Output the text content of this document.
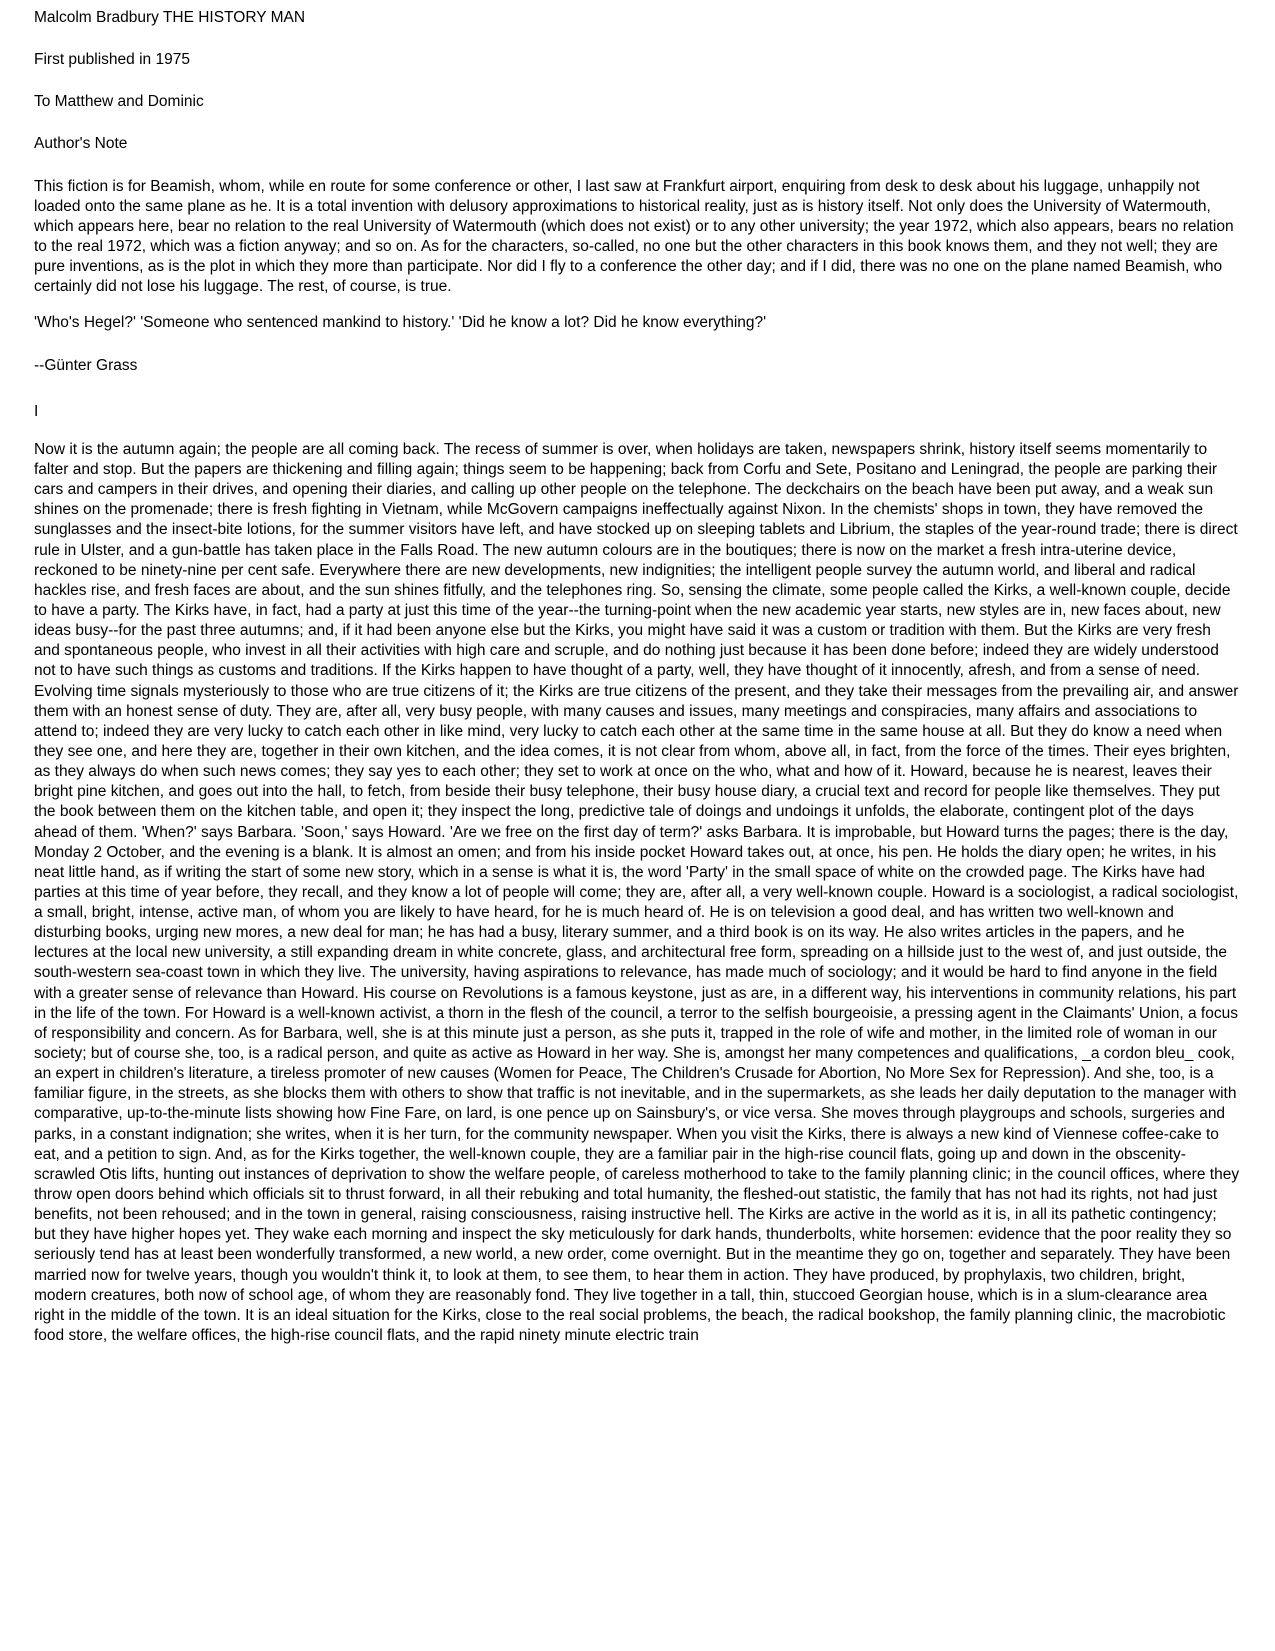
Malcolm Bradbury THE HISTORY MAN

First published in 1975

To Matthew and Dominic

Author's Note

This fiction is for Beamish, whom, while en route for some conference or other, I last saw at Frankfurt airport, enquiring from desk to desk about his luggage, unhappily not loaded onto the same plane as he. It is a total invention with delusory approximations to historical reality, just as is history itself. Not only does the University of Watermouth, which appears here, bear no relation to the real University of Watermouth (which does not exist) or to any other university; the year 1972, which also appears, bears no relation to the real 1972, which was a fiction anyway; and so on. As for the characters, so-called, no one but the other characters in this book knows them, and they not well; they are pure inventions, as is the plot in which they more than participate. Nor did I fly to a conference the other day; and if I did, there was no one on the plane named Beamish, who certainly did not lose his luggage. The rest, of course, is true.

'Who's Hegel?' 'Someone who sentenced mankind to history.' 'Did he know a lot? Did he know everything?'

--Günter Grass

I

Now it is the autumn again; the people are all coming back. The recess of summer is over, when holidays are taken, newspapers shrink, history itself seems momentarily to falter and stop. But the papers are thickening and filling again; things seem to be happening; back from Corfu and Sete, Positano and Leningrad, the people are parking their cars and campers in their drives, and opening their diaries, and calling up other people on the telephone. The deckchairs on the beach have been put away, and a weak sun shines on the promenade; there is fresh fighting in Vietnam, while McGovern campaigns ineffectually against Nixon. In the chemists' shops in town, they have removed the sunglasses and the insect-bite lotions, for the summer visitors have left, and have stocked up on sleeping tablets and Librium, the staples of the year-round trade; there is direct rule in Ulster, and a gun-battle has taken place in the Falls Road. The new autumn colours are in the boutiques; there is now on the market a fresh intra-uterine device, reckoned to be ninety-nine per cent safe. Everywhere there are new developments, new indignities; the intelligent people survey the autumn world, and liberal and radical hackles rise, and fresh faces are about, and the sun shines fitfully, and the telephones ring. So, sensing the climate, some people called the Kirks, a well-known couple, decide to have a party. The Kirks have, in fact, had a party at just this time of the year--the turning-point when the new academic year starts, new styles are in, new faces about, new ideas busy--for the past three autumns; and, if it had been anyone else but the Kirks, you might have said it was a custom or tradition with them. But the Kirks are very fresh and spontaneous people, who invest in all their activities with high care and scruple, and do nothing just because it has been done before; indeed they are widely understood not to have such things as customs and traditions. If the Kirks happen to have thought of a party, well, they have thought of it innocently, afresh, and from a sense of need. Evolving time signals mysteriously to those who are true citizens of it; the Kirks are true citizens of the present, and they take their messages from the prevailing air, and answer them with an honest sense of duty. They are, after all, very busy people, with many causes and issues, many meetings and conspiracies, many affairs and associations to attend to; indeed they are very lucky to catch each other in like mind, very lucky to catch each other at the same time in the same house at all. But they do know a need when they see one, and here they are, together in their own kitchen, and the idea comes, it is not clear from whom, above all, in fact, from the force of the times. Their eyes brighten, as they always do when such news comes; they say yes to each other; they set to work at once on the who, what and how of it. Howard, because he is nearest, leaves their bright pine kitchen, and goes out into the hall, to fetch, from beside their busy telephone, their busy house diary, a crucial text and record for people like themselves. They put the book between them on the kitchen table, and open it; they inspect the long, predictive tale of doings and undoings it unfolds, the elaborate, contingent plot of the days ahead of them. 'When?' says Barbara. 'Soon,' says Howard. 'Are we free on the first day of term?' asks Barbara. It is improbable, but Howard turns the pages; there is the day, Monday 2 October, and the evening is a blank. It is almost an omen; and from his inside pocket Howard takes out, at once, his pen. He holds the diary open; he writes, in his neat little hand, as if writing the start of some new story, which in a sense is what it is, the word 'Party' in the small space of white on the crowded page. The Kirks have had parties at this time of year before, they recall, and they know a lot of people will come; they are, after all, a very well-known couple. Howard is a sociologist, a radical sociologist, a small, bright, intense, active man, of whom you are likely to have heard, for he is much heard of. He is on television a good deal, and has written two well-known and disturbing books, urging new mores, a new deal for man; he has had a busy, literary summer, and a third book is on its way. He also writes articles in the papers, and he lectures at the local new university, a still expanding dream in white concrete, glass, and architectural free form, spreading on a hillside just to the west of, and just outside, the south-western sea-coast town in which they live. The university, having aspirations to relevance, has made much of sociology; and it would be hard to find anyone in the field with a greater sense of relevance than Howard. His course on Revolutions is a famous keystone, just as are, in a different way, his interventions in community relations, his part in the life of the town. For Howard is a well-known activist, a thorn in the flesh of the council, a terror to the selfish bourgeoisie, a pressing agent in the Claimants' Union, a focus of responsibility and concern. As for Barbara, well, she is at this minute just a person, as she puts it, trapped in the role of wife and mother, in the limited role of woman in our society; but of course she, too, is a radical person, and quite as active as Howard in her way. She is, amongst her many competences and qualifications, _a cordon bleu_ cook, an expert in children's literature, a tireless promoter of new causes (Women for Peace, The Children's Crusade for Abortion, No More Sex for Repression). And she, too, is a familiar figure, in the streets, as she blocks them with others to show that traffic is not inevitable, and in the supermarkets, as she leads her daily deputation to the manager with comparative, up-to-the-minute lists showing how Fine Fare, on lard, is one pence up on Sainsbury's, or vice versa. She moves through playgroups and schools, surgeries and parks, in a constant indignation; she writes, when it is her turn, for the community newspaper. When you visit the Kirks, there is always a new kind of Viennese coffee-cake to eat, and a petition to sign. And, as for the Kirks together, the well-known couple, they are a familiar pair in the high-rise council flats, going up and down in the obscenity-scrawled Otis lifts, hunting out instances of deprivation to show the welfare people, of careless motherhood to take to the family planning clinic; in the council offices, where they throw open doors behind which officials sit to thrust forward, in all their rebuking and total humanity, the fleshed-out statistic, the family that has not had its rights, not had just benefits, not been rehoused; and in the town in general, raising consciousness, raising instructive hell. The Kirks are active in the world as it is, in all its pathetic contingency; but they have higher hopes yet. They wake each morning and inspect the sky meticulously for dark hands, thunderbolts, white horsemen: evidence that the poor reality they so seriously tend has at least been wonderfully transformed, a new world, a new order, come overnight. But in the meantime they go on, together and separately. They have been married now for twelve years, though you wouldn't think it, to look at them, to see them, to hear them in action. They have produced, by prophylaxis, two children, bright, modern creatures, both now of school age, of whom they are reasonably fond. They live together in a tall, thin, stuccoed Georgian house, which is in a slum-clearance area right in the middle of the town. It is an ideal situation for the Kirks, close to the real social problems, the beach, the radical bookshop, the family planning clinic, the macrobiotic food store, the welfare offices, the high-rise council flats, and the rapid ninety minute electric train
